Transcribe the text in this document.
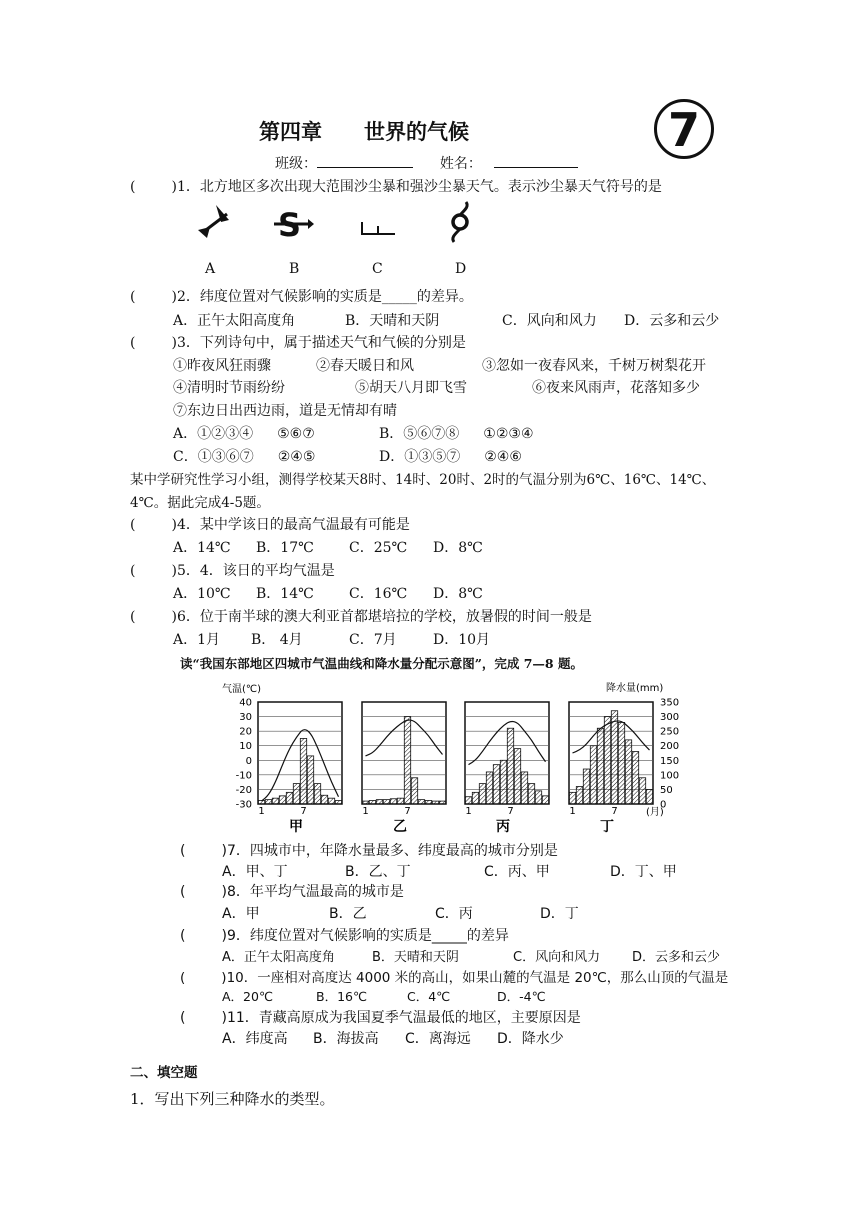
第四章 世界的气候	7
班级：	姓名：
(	)1．北方地区多次出现大范围沙尘暴和强沙尘暴天气。表示沙尘暴天气符号的是
S
A	B	C	D
(	)2．纬度位置对气候影响的实质是_____的差异。
A．正午太阳高度角	B．天晴和天阴	C．风向和风力 D．云多和云少
(	)3．下列诗句中，属于描述天气和气候的分别是
①昨夜风狂雨骤	②春天暖日和风	③忽如一夜春风来，千树万树梨花开
④清明时节雨纷纷	⑤胡天八月即飞雪	⑥夜来风雨声，花落知多少
⑦东边日出西边雨，道是无情却有晴
A．①②③④ ⑤⑥⑦	B．⑤⑥⑦⑧ ①②③④
C．①③⑥⑦ ②④⑤	D．①③⑤⑦ ②④⑥
某中学研究性学习小组，测得学校某天8时、14时、20时、2时的气温分别为6℃、16℃、14℃、
4℃。据此完成4-5题。
(	)4．某中学该日的最高气温最有可能是
A．14℃ B．17℃	C．25℃ D．8℃
(	)5．4．该日的平均气温是
A．10℃ B．14℃	C．16℃ D．8℃
(	)6．位于南半球的澳大利亚首都堪培拉的学校，放暑假的时间一般是
A．1月 B． 4月	C．7月	D．10月
读“我国东部地区四城市气温曲线和降水量分配示意图”，完成 7—8 题。
气温(℃)	降水量(mm)
40
30
20
10
0
-10
-20
-30
350
300
250
200
150
100
50
0
1	7
甲
1	7
乙
1	7
丙
1	7
丁
(月)
(	)7．四城市中，年降水量最多、纬度最高的城市分别是
A．甲、丁	B．乙、丁	C．丙、甲	D．丁、甲
(	)8．年平均气温最高的城市是
A．甲	B．乙	C．丙	D．丁
(	)9．纬度位置对气候影响的实质是_____的差异
A．正午太阳高度角	B．天晴和天阴	C．风向和风力 D．云多和云少
(	)10．一座相对高度达 4000 米的高山，如果山麓的气温是 20℃，那么山顶的气温是
A．20℃	B．16℃	C．4℃	D．-4℃
(	)11．青藏高原成为我国夏季气温最低的地区，主要原因是
A．纬度高 B．海拔高 C．离海远 D．降水少
二、填空题
1．写出下列三种降水的类型。
